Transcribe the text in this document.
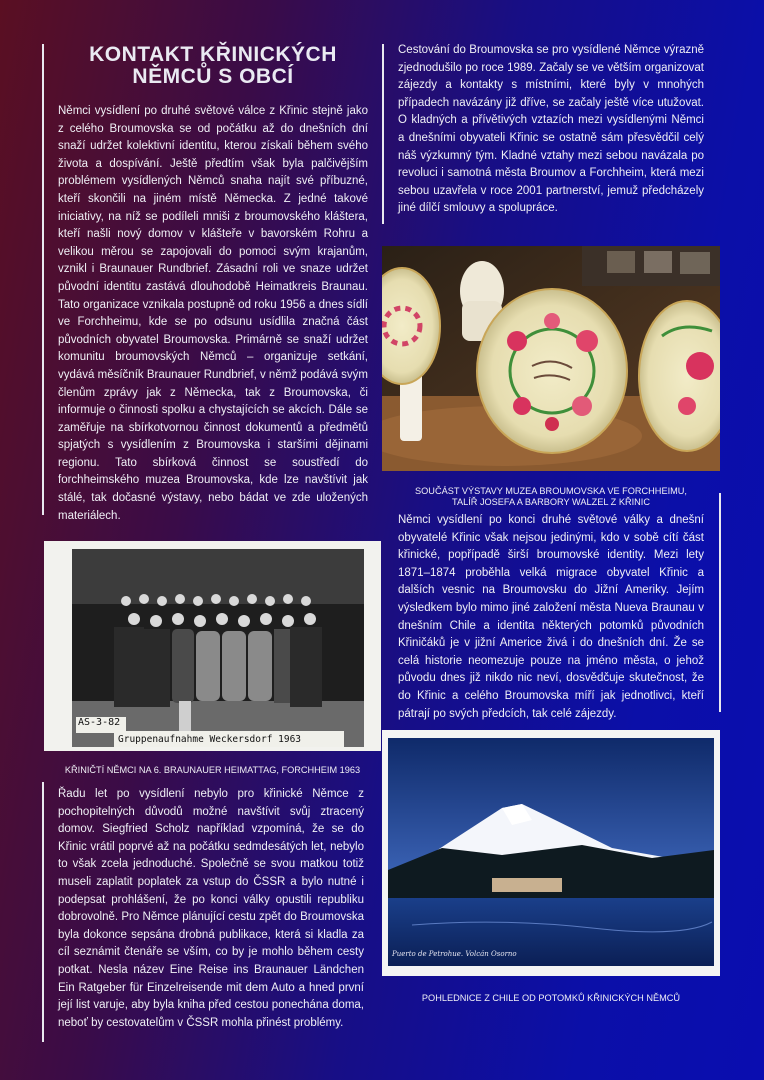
KONTAKT KŘINICKÝCH NĚMCŮ S OBCÍ

Němci vysídlení po druhé světové válce z Křinic stejně jako z celého Broumovska se od počátku až do dnešních dní snaží udržet kolektivní identitu, kterou získali během svého života a dospívání. Ještě předtím však byla palčivějším problémem vysídlených Němců snaha najít své příbuzné, kteří skončili na jiném místě Německa. Z jedné takové iniciativy, na níž se podíleli mniši z broumovského kláštera, kteří našli nový domov v klášteře v bavorském Rohru a velikou měrou se zapojovali do pomoci svým krajanům, vznikl i Braunauer Rundbrief. Zásadní roli ve snaze udržet původní identitu zastává dlouhodobě Heimatkreis Braunau. Tato organizace vznikala postupně od roku 1956 a dnes sídlí ve Forchheimu, kde se po odsunu usídlila značná část původních obyvatel Broumovska. Primárně se snaží udržet komunitu broumovských Němců – organizuje setkání, vydává měsíčník Braunauer Rundbrief, v němž podává svým členům zprávy jak z Německa, tak z Broumovska, či informuje o činnosti spolku a chystajících se akcích. Dále se zaměřuje na sbírkotvornou činnost dokumentů a předmětů spjatých s vysídlením z Broumovska i staršími dějinami regionu. Tato sbírková činnost se soustředí do forchheimského muzea Broumovska, kde lze navštívit jak stálé, tak dočasné výstavy, nebo bádat ve zde uložených materiálech.

Cestování do Broumovska se pro vysídlené Němce výrazně zjednodušilo po roce 1989. Začaly se ve větším organizovat zájezdy a kontakty s místními, které byly v mnohých případech navázány již dříve, se začaly ještě více utužovat. O kladných a přívětivých vztazích mezi vysídlenými Němci a dnešními obyvateli Křinic se ostatně sám přesvědčil celý náš výzkumný tým. Kladné vztahy mezi sebou navázala po revoluci i samotná města Broumov a Forchheim, která mezi sebou uzavřela v roce 2001 partnerství, jemuž předcházely jiné dílčí smlouvy a spolupráce.

SOUČÁST VÝSTAVY MUZEA BROUMOVSKA VE FORCHHEIMU, TALÍŘ JOSEFA A BARBORY WALZEL Z KŘINIC

Němci vysídlení po konci druhé světové války a dnešní obyvatelé Křinic však nejsou jedinými, kdo v sobě cítí část křinické, popřípadě širší broumovské identity. Mezi lety 1871–1874 proběhla velká migrace obyvatel Křinic a dalších vesnic na Broumovsku do Jižní Ameriky. Jejím výsledkem bylo mimo jiné založení města Nueva Braunau v dnešním Chile a identita některých potomků původních Křiničáků je v jižní Americe živá i do dnešních dní. Že se celá historie neomezuje pouze na jméno města, o jehož původu dnes již nikdo nic neví, dosvědčuje skutečnost, že do Křinic a celého Broumovska míří jak jednotlivci, kteří pátrají po svých předcích, tak celé zájezdy.

AS-3-82
Gruppenaufnahme Weckersdorf 1963

KŘINIČTÍ NĚMCI NA 6. BRAUNAUER HEIMATTAG, FORCHHEIM 1963

Řadu let po vysídlení nebylo pro křinické Němce z pochopitelných důvodů možné navštívit svůj ztracený domov. Siegfried Scholz například vzpomíná, že se do Křinic vrátil poprvé až na počátku sedmdesátých let, nebylo to však zcela jednoduché. Společně se svou matkou totiž museli zaplatit poplatek za vstup do ČSSR a bylo nutné i podepsat prohlášení, že po konci války opustili republiku dobrovolně. Pro Němce plánující cestu zpět do Broumovska byla dokonce sepsána drobná publikace, která si kladla za cíl seznámit čtenáře se vším, co by je mohlo během cesty potkat. Nesla název Eine Reise ins Braunauer Ländchen Ein Ratgeber für Einzelreisende mit dem Auto a hned první její list varuje, aby byla kniha před cestou ponechána doma, neboť by cestovatelům v ČSSR mohla přinést problémy.

Puerto de Petrohue. Volcán Osorno

POHLEDNICE Z CHILE OD POTOMKŮ KŘINICKÝCH NĚMCŮ
